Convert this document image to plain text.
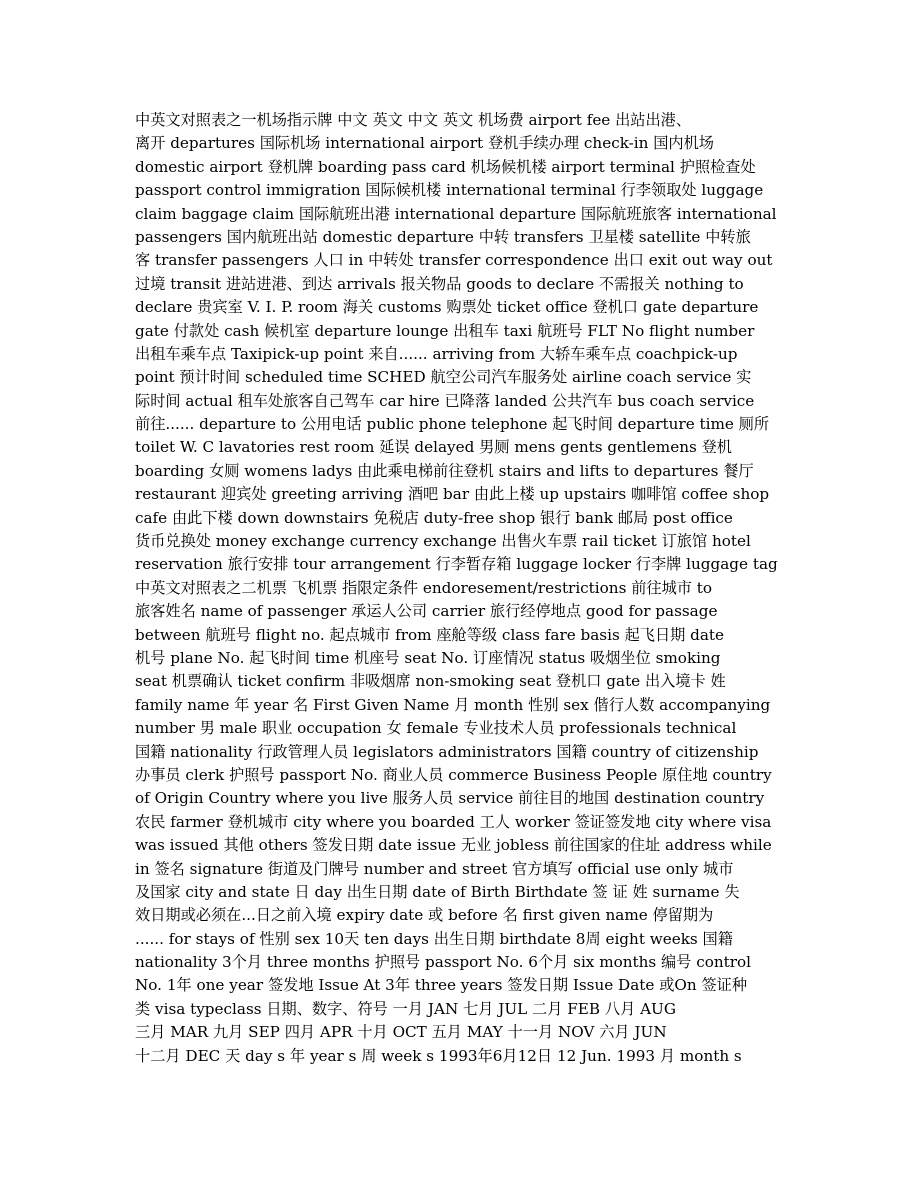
中英文对照表之一机场指示牌 中文 英文 中文 英文 机场费 airport fee 出站出港、
离开 departures 国际机场 international airport 登机手续办理 check-in 国内机场
domestic airport 登机牌 boarding pass card 机场候机楼 airport terminal 护照检查处
passport control immigration 国际候机楼 international terminal 行李领取处 luggage
claim baggage claim 国际航班出港 international departure 国际航班旅客 international
passengers 国内航班出站 domestic departure 中转 transfers 卫星楼 satellite 中转旅
客 transfer passengers 人口 in 中转处 transfer correspondence 出口 exit out way out
过境 transit 进站进港、到达 arrivals 报关物品 goods to declare 不需报关 nothing to
declare 贵宾室 V. I. P. room 海关 customs 购票处 ticket office 登机口 gate departure
gate 付款处 cash 候机室 departure lounge 出租车 taxi 航班号 FLT No flight number
出租车乘车点 Taxipick-up point 来自...... arriving from 大轿车乘车点 coachpick-up
point 预计时间 scheduled time SCHED 航空公司汽车服务处 airline coach service 实
际时间 actual 租车处旅客自己驾车 car hire 已降落 landed 公共汽车 bus coach service
前往...... departure to 公用电话 public phone telephone 起飞时间 departure time 厕所
toilet W. C lavatories rest room 延误 delayed 男厕 mens gents gentlemens 登机
boarding 女厕 womens ladys 由此乘电梯前往登机 stairs and lifts to departures 餐厅
restaurant 迎宾处 greeting arriving 酒吧 bar 由此上楼 up upstairs 咖啡馆 coffee shop
cafe 由此下楼 down downstairs 免税店 duty-free shop 银行 bank 邮局 post office
货币兑换处 money exchange currency exchange 出售火车票 rail ticket 订旅馆 hotel
reservation 旅行安排 tour arrangement 行李暂存箱 luggage locker 行李牌 luggage tag
中英文对照表之二机票 飞机票 指限定条件 endoresement/restrictions 前往城市 to
旅客姓名 name of passenger 承运人公司 carrier 旅行经停地点 good for passage
between 航班号 flight no. 起点城市 from 座舱等级 class fare basis 起飞日期 date
机号 plane No. 起飞时间 time 机座号 seat No. 订座情况 status 吸烟坐位 smoking
seat 机票确认 ticket confirm 非吸烟席 non-smoking seat 登机口 gate 出入境卡 姓
family name 年 year 名 First Given Name 月 month 性别 sex 偕行人数 accompanying
number 男 male 职业 occupation 女 female 专业技术人员 professionals technical
国籍 nationality 行政管理人员 legislators administrators 国籍 country of citizenship
办事员 clerk 护照号 passport No. 商业人员 commerce Business People 原住地 country
of Origin Country where you live 服务人员 service 前往目的地国 destination country
农民 farmer 登机城市 city where you boarded 工人 worker 签证签发地 city where visa
was issued 其他 others 签发日期 date issue 无业 jobless 前往国家的住址 address while
in 签名 signature 街道及门牌号 number and street 官方填写 official use only 城市
及国家 city and state 日 day 出生日期 date of Birth Birthdate 签 证 姓 surname 失
效日期或必须在...日之前入境 expiry date 或 before 名 first given name 停留期为
...... for stays of 性别 sex 10天 ten days 出生日期 birthdate 8周 eight weeks 国籍
nationality 3个月 three months 护照号 passport No. 6个月 six months 编号 control
No. 1年 one year 签发地 Issue At 3年 three years 签发日期 Issue Date 或On 签证种
类 visa typeclass 日期、数字、符号 一月 JAN 七月 JUL 二月 FEB 八月 AUG
三月 MAR 九月 SEP 四月 APR 十月 OCT 五月 MAY 十一月 NOV 六月 JUN
十二月 DEC 天 day s 年 year s 周 week s 1993年6月12日 12 Jun. 1993 月 month s
